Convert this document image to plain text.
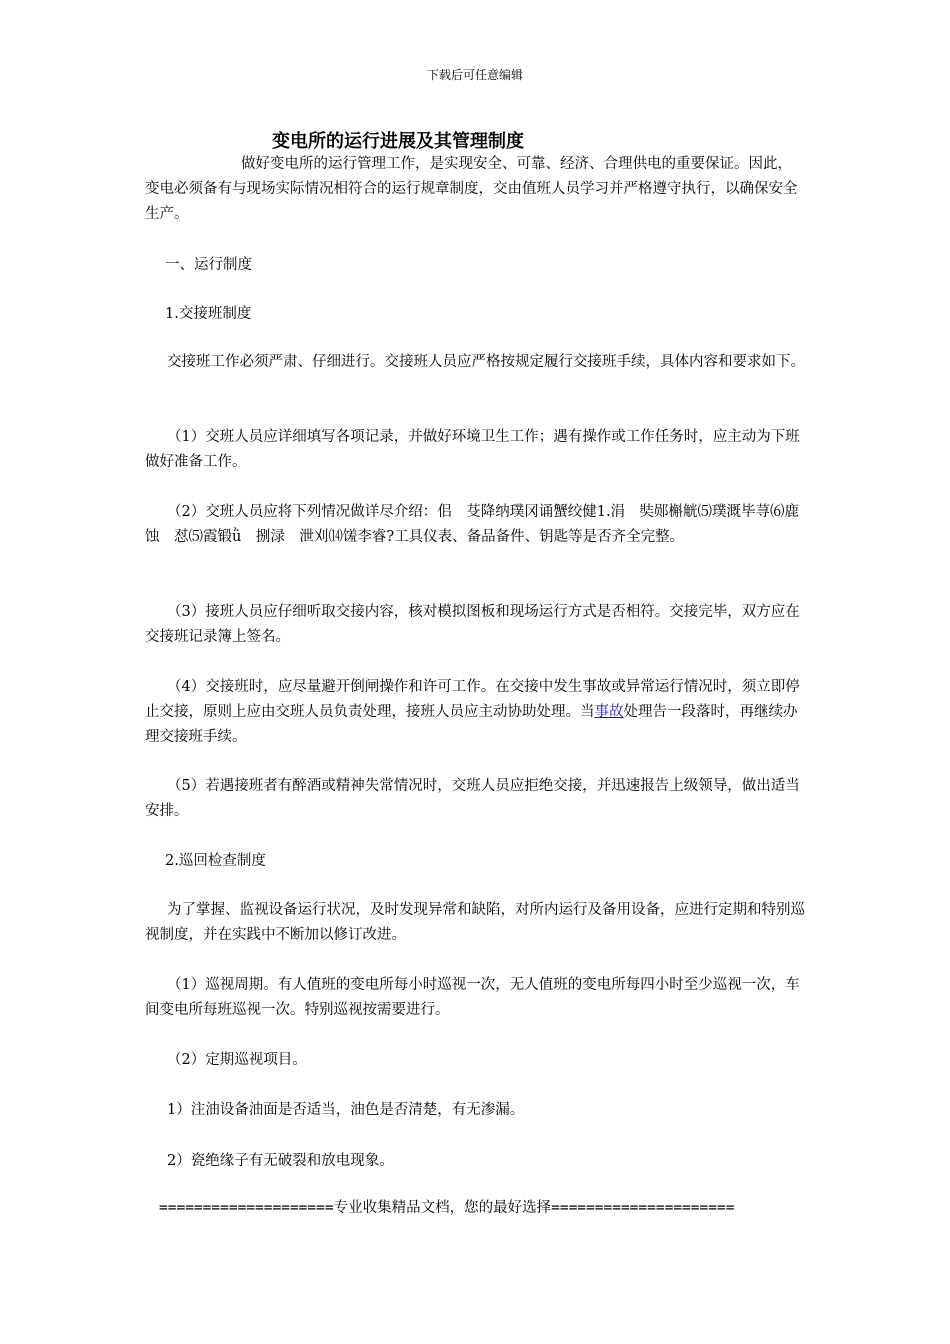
下载后可任意编辑
变电所的运行进展及其管理制度
做好变电所的运行管理工作，是实现安全、可靠、经济、合理供电的重要保证。因此，变电必须备有与现场实际情况相符合的运行规章制度，交由值班人员学习并严格遵守执行，以确保安全生产。
一、运行制度
1.交接班制度
交接班工作必须严肃、仔细进行。交接班人员应严格按规定履行交接班手续，具体内容和要求如下。
（1）交班人员应详细填写各项记录，并做好环境卫生工作；遇有操作或工作任务时，应主动为下班做好准备工作。
（2）交班人员应将下列情况做详尽介绍：佀　芟降纳璞冈诵蟹绞健1.涓　奘郧槲觥⑸璞溉毕荨⑹鹿蚀　怼⑸霞锻ǜ　捌渌　泄刈⒁馐李睿?工具仪表、备品备件、钥匙等是否齐全完整。
（3）接班人员应仔细听取交接内容，核对模拟图板和现场运行方式是否相符。交接完毕，双方应在交接班记录簿上签名。
（4）交接班时，应尽量避开倒闸操作和许可工作。在交接中发生事故或异常运行情况时，须立即停止交接，原则上应由交班人员负责处理，接班人员应主动协助处理。当事故处理告一段落时，再继续办理交接班手续。
（5）若遇接班者有醉酒或精神失常情况时，交班人员应拒绝交接，并迅速报告上级领导，做出适当安排。
2.巡回检查制度
为了掌握、监视设备运行状况，及时发现异常和缺陷，对所内运行及备用设备，应进行定期和特别巡视制度，并在实践中不断加以修订改进。
（1）巡视周期。有人值班的变电所每小时巡视一次，无人值班的变电所每四小时至少巡视一次，车间变电所每班巡视一次。特别巡视按需要进行。
（2）定期巡视项目。
1）注油设备油面是否适当，油色是否清楚，有无渗漏。
2）瓷绝缘子有无破裂和放电现象。
====================专业收集精品文档，您的最好选择=====================
